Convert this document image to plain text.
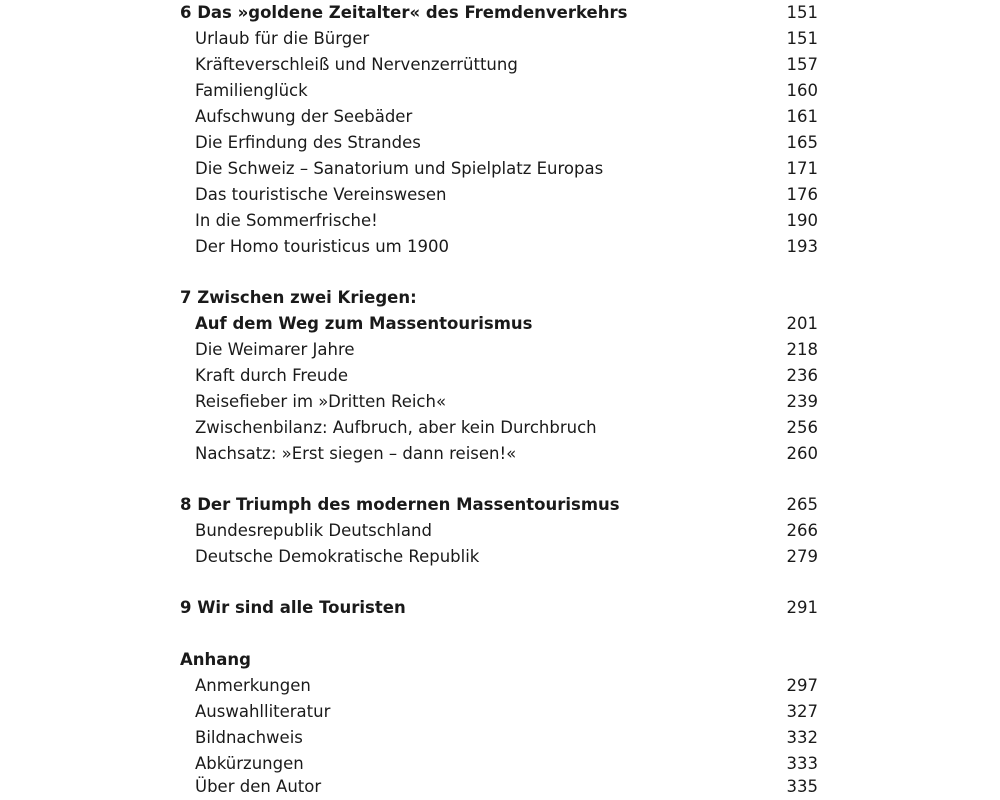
6 Das »goldene Zeitalter« des Fremdenverkehrs	151
Urlaub für die Bürger	151
Kräfteverschleiß und Nervenzerrüttung	157
Familienglück	160
Aufschwung der Seebäder	161
Die Erfindung des Strandes	165
Die Schweiz – Sanatorium und Spielplatz Europas	171
Das touristische Vereinswesen	176
In die Sommerfrische!	190
Der Homo touristicus um 1900	193
7 Zwischen zwei Kriegen:
Auf dem Weg zum Massentourismus	201
Die Weimarer Jahre	218
Kraft durch Freude	236
Reisefieber im »Dritten Reich«	239
Zwischenbilanz: Aufbruch, aber kein Durchbruch	256
Nachsatz: »Erst siegen – dann reisen!«	260
8 Der Triumph des modernen Massentourismus	265
Bundesrepublik Deutschland	266
Deutsche Demokratische Republik	279
9 Wir sind alle Touristen	291
Anhang
Anmerkungen	297
Auswahlliteratur	327
Bildnachweis	332
Abkürzungen	333
Über den Autor	335
